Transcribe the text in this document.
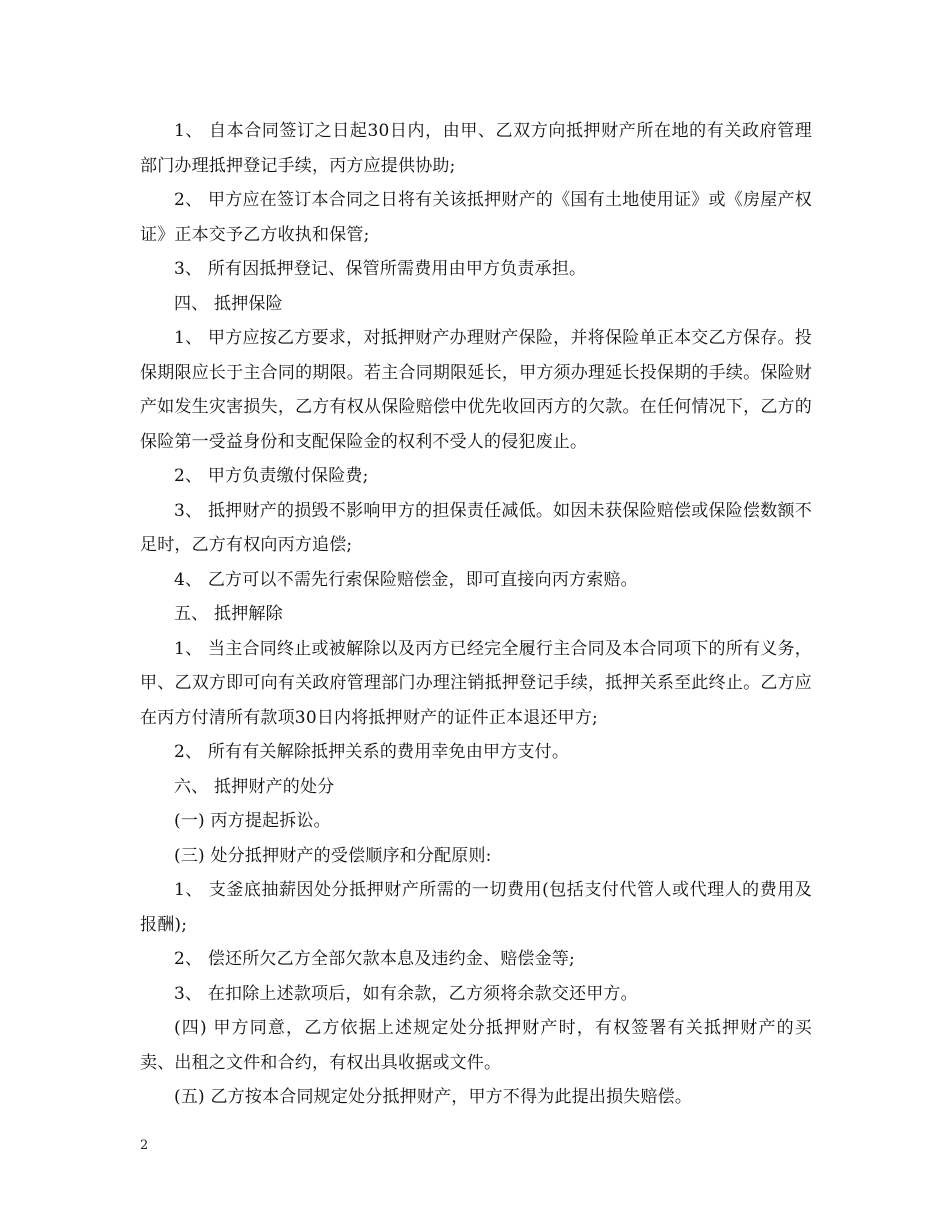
1、 自本合同签订之日起30日内，由甲、乙双方向抵押财产所在地的有关政府管理部门办理抵押登记手续，丙方应提供协助;

2、 甲方应在签订本合同之日将有关该抵押财产的《国有土地使用证》或《房屋产权证》正本交予乙方收执和保管;

3、 所有因抵押登记、保管所需费用由甲方负责承担。

四、 抵押保险

1、 甲方应按乙方要求，对抵押财产办理财产保险，并将保险单正本交乙方保存。投保期限应长于主合同的期限。若主合同期限延长，甲方须办理延长投保期的手续。保险财产如发生灾害损失，乙方有权从保险赔偿中优先收回丙方的欠款。在任何情况下，乙方的保险第一受益身份和支配保险金的权利不受人的侵犯废止。

2、 甲方负责缴付保险费;

3、 抵押财产的损毁不影响甲方的担保责任减低。如因未获保险赔偿或保险偿数额不足时，乙方有权向丙方追偿;

4、 乙方可以不需先行索保险赔偿金，即可直接向丙方索赔。

五、 抵押解除

1、 当主合同终止或被解除以及丙方已经完全履行主合同及本合同项下的所有义务，甲、乙双方即可向有关政府管理部门办理注销抵押登记手续，抵押关系至此终止。乙方应在丙方付清所有款项30日内将抵押财产的证件正本退还甲方;

2、 所有有关解除抵押关系的费用幸免由甲方支付。

六、 抵押财产的处分

(一) 丙方提起拆讼。

(三) 处分抵押财产的受偿顺序和分配原则:

1、 支釜底抽薪因处分抵押财产所需的一切费用(包括支付代管人或代理人的费用及报酬);

2、 偿还所欠乙方全部欠款本息及违约金、赔偿金等;

3、 在扣除上述款项后，如有余款，乙方须将余款交还甲方。

(四) 甲方同意，乙方依据上述规定处分抵押财产时，有权签署有关抵押财产的买卖、出租之文件和合约，有权出具收据或文件。

(五) 乙方按本合同规定处分抵押财产，甲方不得为此提出损失赔偿。

2
